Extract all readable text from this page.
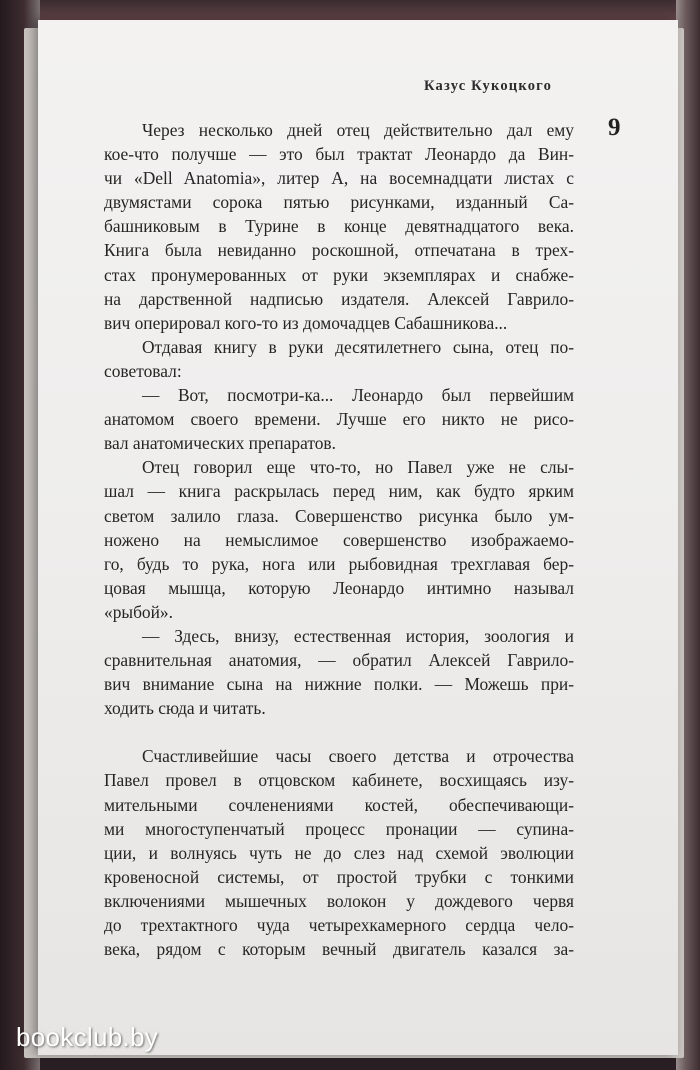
Казус Кукоцкого
9
Через несколько дней отец действительно дал ему
кое-что получше — это был трактат Леонардо да Вин-
чи «Dell Anatomia», литер А, на восемнадцати листах с
двумястами сорока пятью рисунками, изданный Са-
башниковым в Турине в конце девятнадцатого века.
Книга была невиданно роскошной, отпечатана в трех-
стах пронумерованных от руки экземплярах и снабже-
на дарственной надписью издателя. Алексей Гаврило-
вич оперировал кого-то из домочадцев Сабашникова...
Отдавая книгу в руки десятилетнего сына, отец по-
советовал:
— Вот, посмотри-ка... Леонардо был первейшим
анатомом своего времени. Лучше его никто не рисо-
вал анатомических препаратов.
Отец говорил еще что-то, но Павел уже не слы-
шал — книга раскрылась перед ним, как будто ярким
светом залило глаза. Совершенство рисунка было ум-
ножено на немыслимое совершенство изображаемо-
го, будь то рука, нога или рыбовидная трехглавая бер-
цовая мышца, которую Леонардо интимно называл
«рыбой».
— Здесь, внизу, естественная история, зоология и
сравнительная анатомия, — обратил Алексей Гаврило-
вич внимание сына на нижние полки. — Можешь при-
ходить сюда и читать.
Счастливейшие часы своего детства и отрочества
Павел провел в отцовском кабинете, восхищаясь изу-
мительными сочленениями костей, обеспечивающи-
ми многоступенчатый процесс пронации — супина-
ции, и волнуясь чуть не до слез над схемой эволюции
кровеносной системы, от простой трубки с тонкими
включениями мышечных волокон у дождевого червя
до трехтактного чуда четырехкамерного сердца чело-
века, рядом с которым вечный двигатель казался за-
bookclub.by
